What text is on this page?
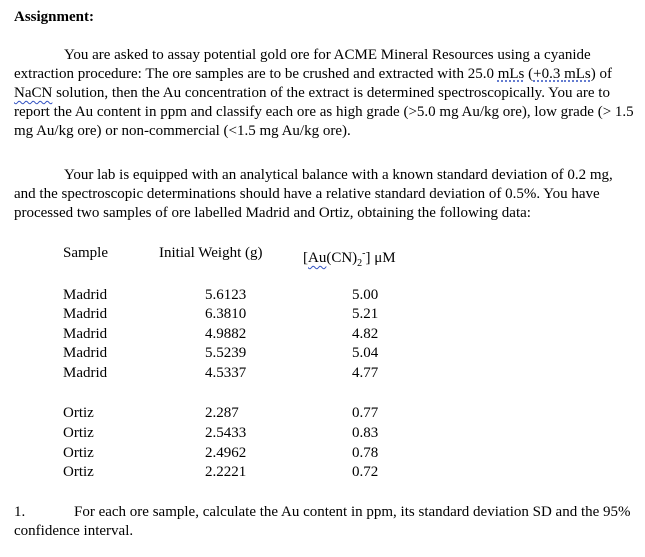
Assignment:
You are asked to assay potential gold ore for ACME Mineral Resources using a cyanide extraction procedure: The ore samples are to be crushed and extracted with 25.0 mLs (+0.3 mLs) of NaCN solution, then the Au concentration of the extract is determined spectroscopically. You are to report the Au content in ppm and classify each ore as high grade (>5.0 mg Au/kg ore), low grade (> 1.5 mg Au/kg ore) or non-commercial (<1.5 mg Au/kg ore).
Your lab is equipped with an analytical balance with a known standard deviation of 0.2 mg, and the spectroscopic determinations should have a relative standard deviation of 0.5%. You have processed two samples of ore labelled Madrid and Ortiz, obtaining the following data:
Sample	Initial Weight (g)	$[Au(CN)_2^-]$ μM
Madrid	5.6123	5.00
Madrid	6.3810	5.21
Madrid	4.9882	4.82
Madrid	5.5239	5.04
Madrid	4.5337	4.77
Ortiz	2.287	0.77
Ortiz	2.5433	0.83
Ortiz	2.4962	0.78
Ortiz	2.2221	0.72
1.	For each ore sample, calculate the Au content in ppm, its standard deviation SD and the 95% confidence interval.
